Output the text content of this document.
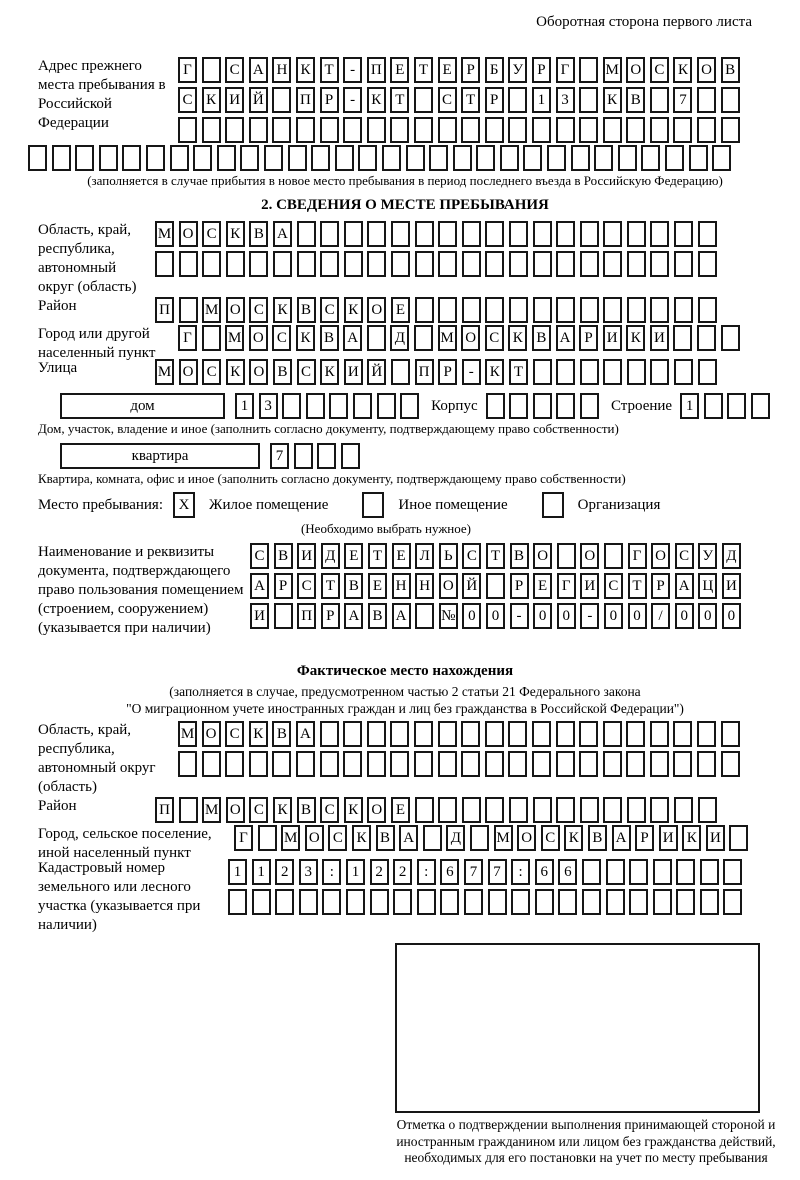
Оборотная сторона первого листа
Адрес прежнего места пребывания в Российской Федерации
Г	С А Н К Т	-	П Е Т Е Р	Б У Р	Г	М О С К О В
С К И Й П Р	-	К Т	С Т Р	1	3	К В	7
(заполняется в случае прибытия в новое место пребывания в период последнего въезда в Российскую Федерацию)
2. СВЕДЕНИЯ О МЕСТЕ ПРЕБЫВАНИЯ
Область, край, республика, автономный округ (область)
М О С К В А
Район	П М О С К В С К О Е
Город или другой населенный пункт
Г	М О С К В А Д М О С К В А Р И К И
Улица	М О С К О В С К И Й П Р	-	К Т
дом	1	3	Корпус	Строение 1
Дом, участок, владение и иное (заполнить согласно документу, подтверждающему право собственности)
квартира	7
Квартира, комната, офис и иное (заполнить согласно документу, подтверждающему право собственности)
Место пребывания:	X	Жилое помещение	Иное помещение	Организация
(Необходимо выбрать нужное)
Наименование и реквизиты документа, подтверждающего право пользования помещением (строением, сооружением) (указывается при наличии)
С В И Д Е Т Е Л Ь С Т В О О	Г О С У Д
А Р С Т В Е Н Н О Й	Р Е Г И С Т Р А Ц И
И П Р А В А № 0	0	-	0	0	-	0	0	/	0	0	0
Фактическое место нахождения
(заполняется в случае, предусмотренном частью 2 статьи 21 Федерального закона
"О миграционном учете иностранных граждан и лиц без гражданства в Российской Федерации")
Область, край, республика, автономный округ (область)
М О С К В А
Район	П М О С К В С К О Е
Город, сельское поселение, иной населенный пункт
Г	М О С К В А Д М О С К В А Р И К И
Кадастровый номер земельного или лесного участка (указывается при наличии)
1	1	2	3	:	1	2	2	:	6	7	7	:	6	6
Отметка о подтверждении выполнения принимающей стороной и иностранным гражданином или лицом без гражданства действий, необходимых для его постановки на учет по месту пребывания
